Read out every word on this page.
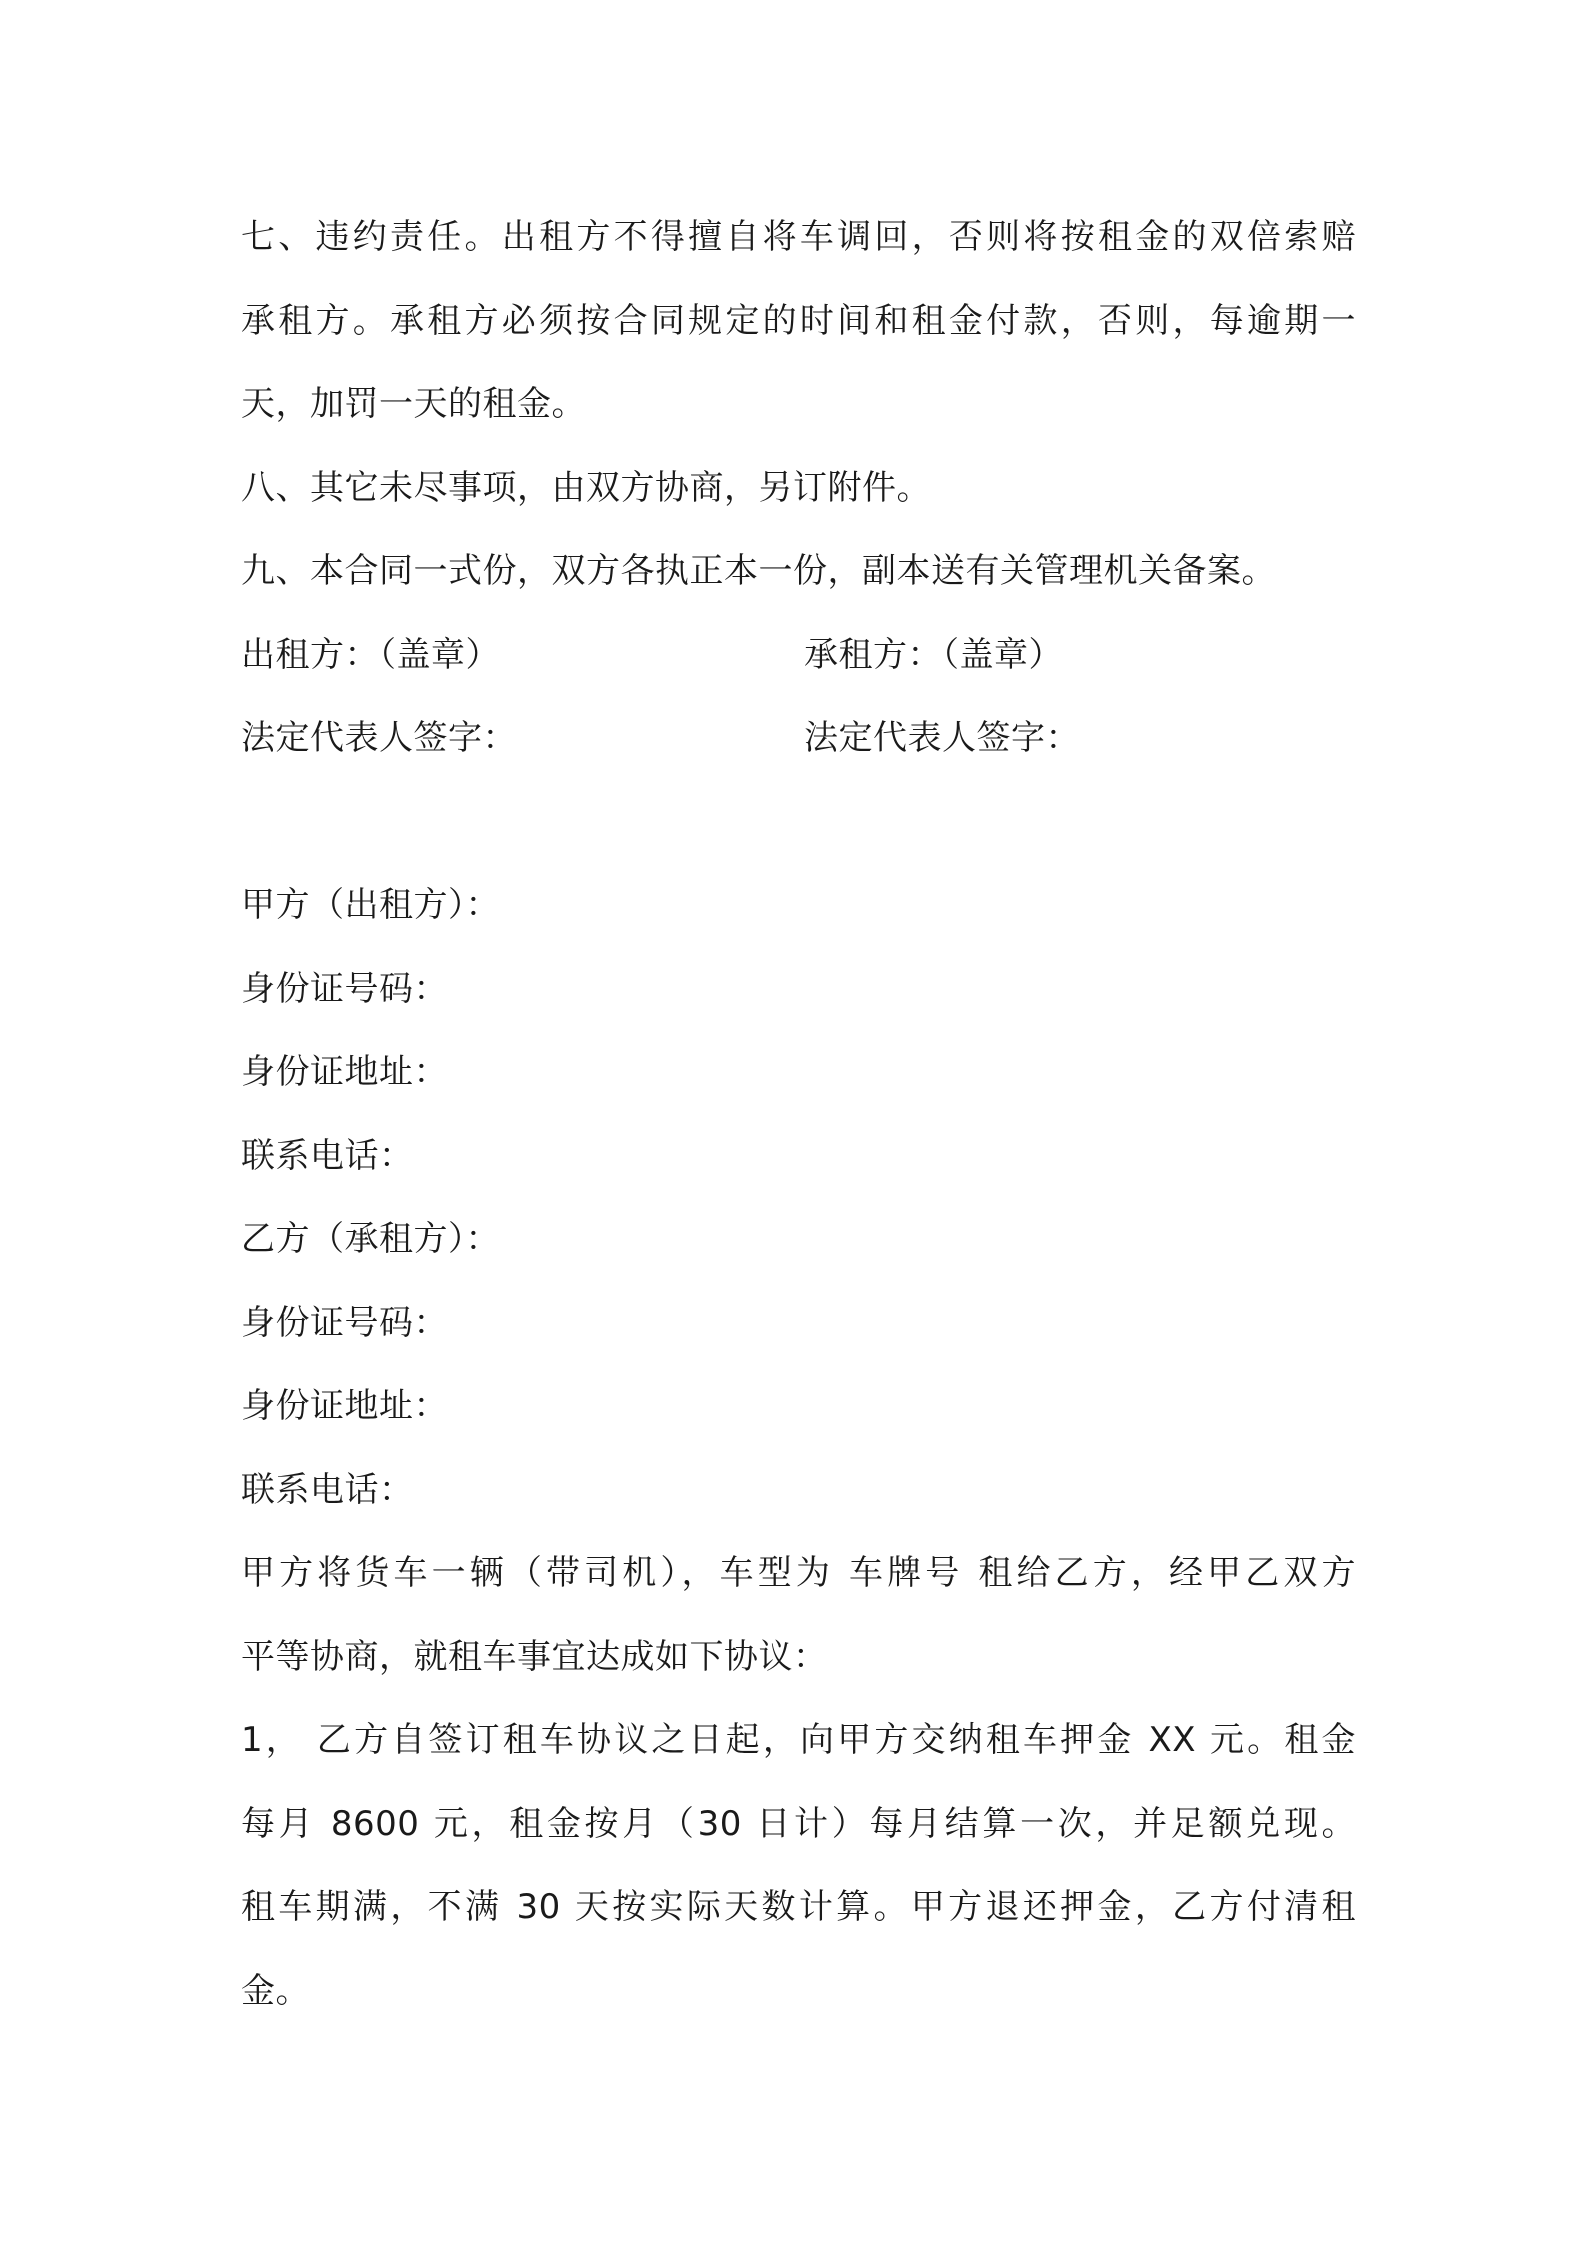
七、违约责任。出租方不得擅自将车调回，否则将按租金的双倍索赔
承租方。承租方必须按合同规定的时间和租金付款，否则，每逾期一
天，加罚一天的租金。
八、其它未尽事项，由双方协商，另订附件。
九、本合同一式份，双方各执正本一份，副本送有关管理机关备案。
出租方：（盖章）	承租方：（盖章）
法定代表人签字：	法定代表人签字：
甲方（出租方）：
身份证号码：
身份证地址：
联系电话：
乙方（承租方）：
身份证号码：
身份证地址：
联系电话：
甲方将货车一辆（带司机），车型为 车牌号 租给乙方，经甲乙双方
平等协商，就租车事宜达成如下协议：
1， 乙方自签订租车协议之日起，向甲方交纳租车押金 XX 元。租金
每月 8600 元，租金按月（30 日计）每月结算一次，并足额兑现。
租车期满，不满 30 天按实际天数计算。甲方退还押金，乙方付清租
金。
